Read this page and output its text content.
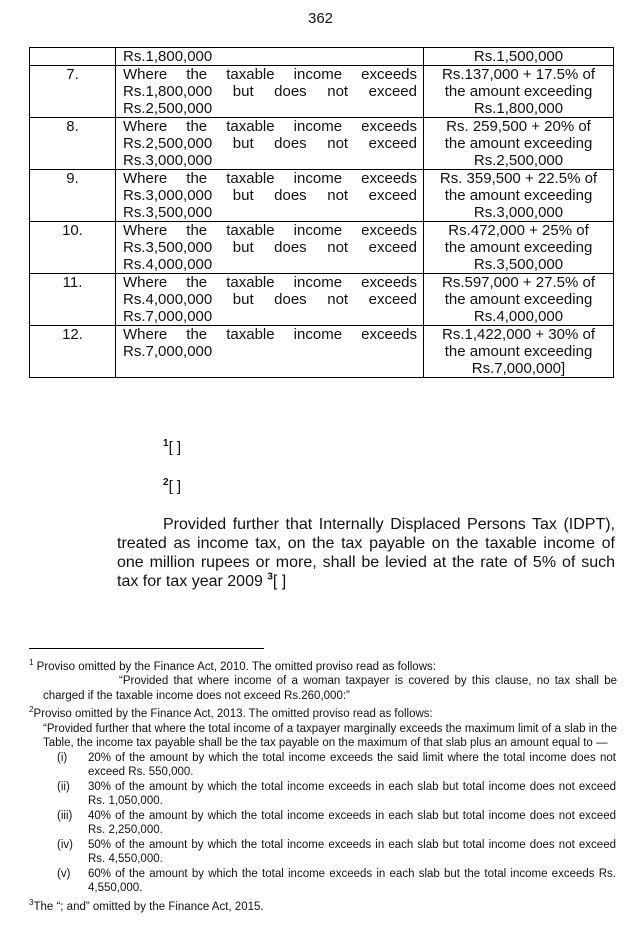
362

	Rs.1,800,000	Rs.1,500,000

7.	Where the taxable income exceeds
Rs.1,800,000 but does not exceed
Rs.2,500,000	Rs.137,000 + 17.5% of
the amount exceeding
Rs.1,800,000

8.	Where the taxable income exceeds
Rs.2,500,000 but does not exceed
Rs.3,000,000	Rs. 259,500 + 20% of
the amount exceeding
Rs.2,500,000

9.	Where the taxable income exceeds
Rs.3,000,000 but does not exceed
Rs.3,500,000	Rs. 359,500 + 22.5% of
the amount exceeding
Rs.3,000,000

10.	Where the taxable income exceeds
Rs.3,500,000 but does not exceed
Rs.4,000,000	Rs.472,000 + 25% of
the amount exceeding
Rs.3,500,000

11.	Where the taxable income exceeds
Rs.4,000,000 but does not exceed
Rs.7,000,000	Rs.597,000 + 27.5% of
the amount exceeding
Rs.4,000,000

12.	Where the taxable income exceeds
Rs.7,000,000	Rs.1,422,000 + 30% of
the amount exceeding
Rs.7,000,000]
$^1$[ ]
$^2$[ ]
Provided further that Internally Displaced Persons Tax (IDPT), treated as income tax, on the tax payable on the taxable income of one million rupees or more, shall be levied at the rate of 5% of such tax for tax year 2009 $^3$[ ]
$^1$ Proviso omitted by the Finance Act, 2010. The omitted proviso read as follows:
“Provided that where income of a woman taxpayer is covered by this clause, no tax shall be charged if the taxable income does not exceed Rs.260,000:”
$^2$Proviso omitted by the Finance Act, 2013. The omitted proviso read as follows:
“Provided further that where the total income of a taxpayer marginally exceeds the maximum limit of a slab in the Table, the income tax payable shall be the tax payable on the maximum of that slab plus an amount equal to —
(i)	20% of the amount by which the total income exceeds the said limit where the total income does not exceed Rs. 550,000.
(ii)	30% of the amount by which the total income exceeds in each slab but total income does not exceed Rs. 1,050,000.
(iii)	40% of the amount by which the total income exceeds in each slab but total income does not exceed Rs. 2,250,000.
(iv)	50% of the amount by which the total income exceeds in each slab but total income does not exceed Rs. 4,550,000.
(v)	60% of the amount by which the total income exceeds in each slab but the total income exceeds Rs. 4,550,000.
$^3$The “; and” omitted by the Finance Act, 2015.
